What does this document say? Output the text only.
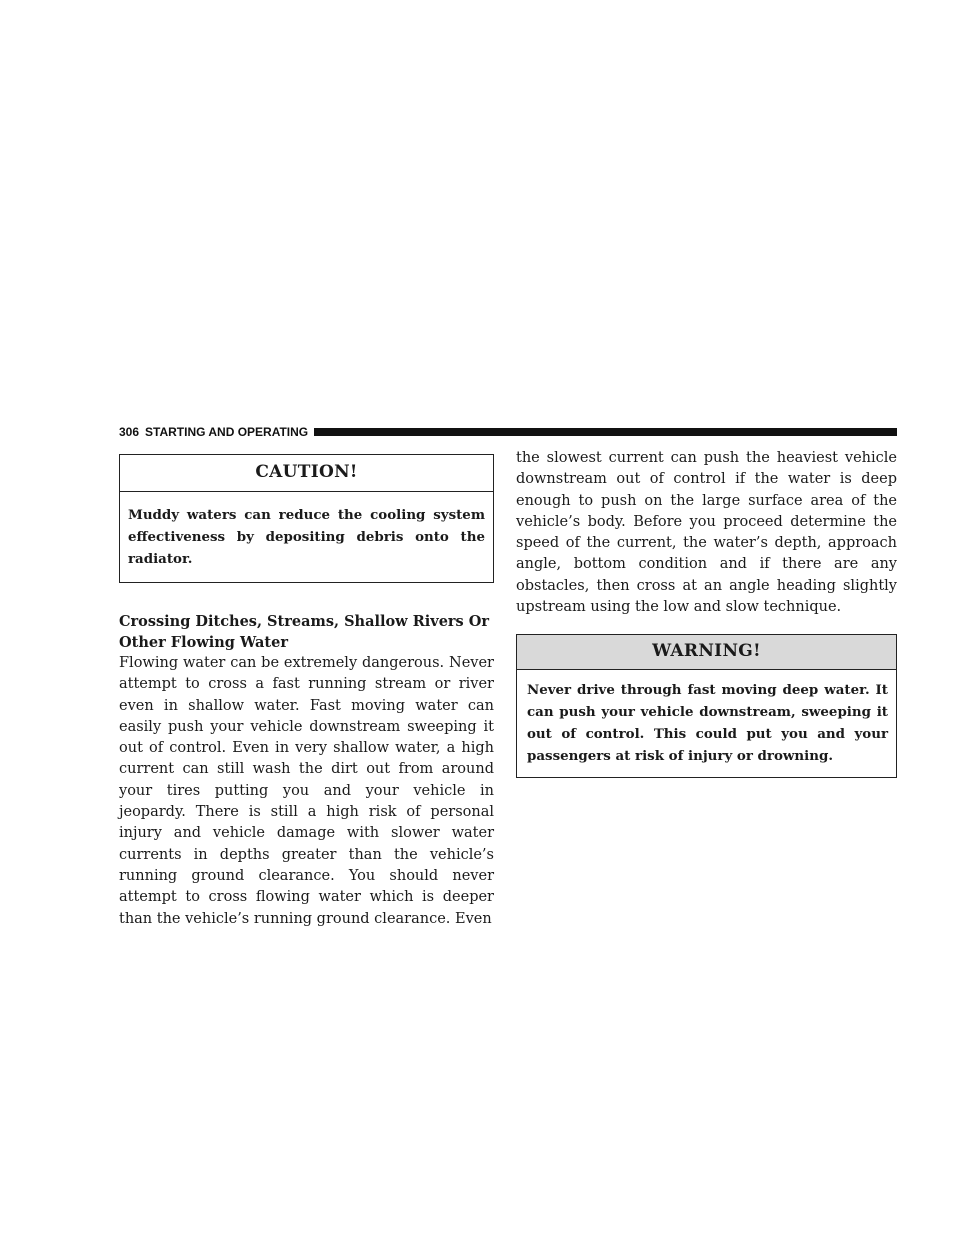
306 STARTING AND OPERATING
CAUTION!
Muddy waters can reduce the cooling system effectiveness by depositing debris onto the radiator.
Crossing Ditches, Streams, Shallow Rivers Or
Other Flowing Water
Flowing water can be extremely dangerous. Never attempt to cross a fast running stream or river even in shallow water. Fast moving water can easily push your vehicle downstream sweeping it out of control. Even in very shallow water, a high current can still wash the dirt out from around your tires putting you and your vehicle in jeopardy. There is still a high risk of personal injury and vehicle damage with slower water currents in depths greater than the vehicle’s running ground clearance. You should never attempt to cross flowing water which is deeper than the vehicle’s running ground clearance. Even
the slowest current can push the heaviest vehicle downstream out of control if the water is deep enough to push on the large surface area of the vehicle’s body. Before you proceed determine the speed of the current, the water’s depth, approach angle, bottom condition and if there are any obstacles, then cross at an angle heading slightly upstream using the low and slow technique.
WARNING!
Never drive through fast moving deep water. It can push your vehicle downstream, sweeping it out of control. This could put you and your passengers at risk of injury or drowning.
